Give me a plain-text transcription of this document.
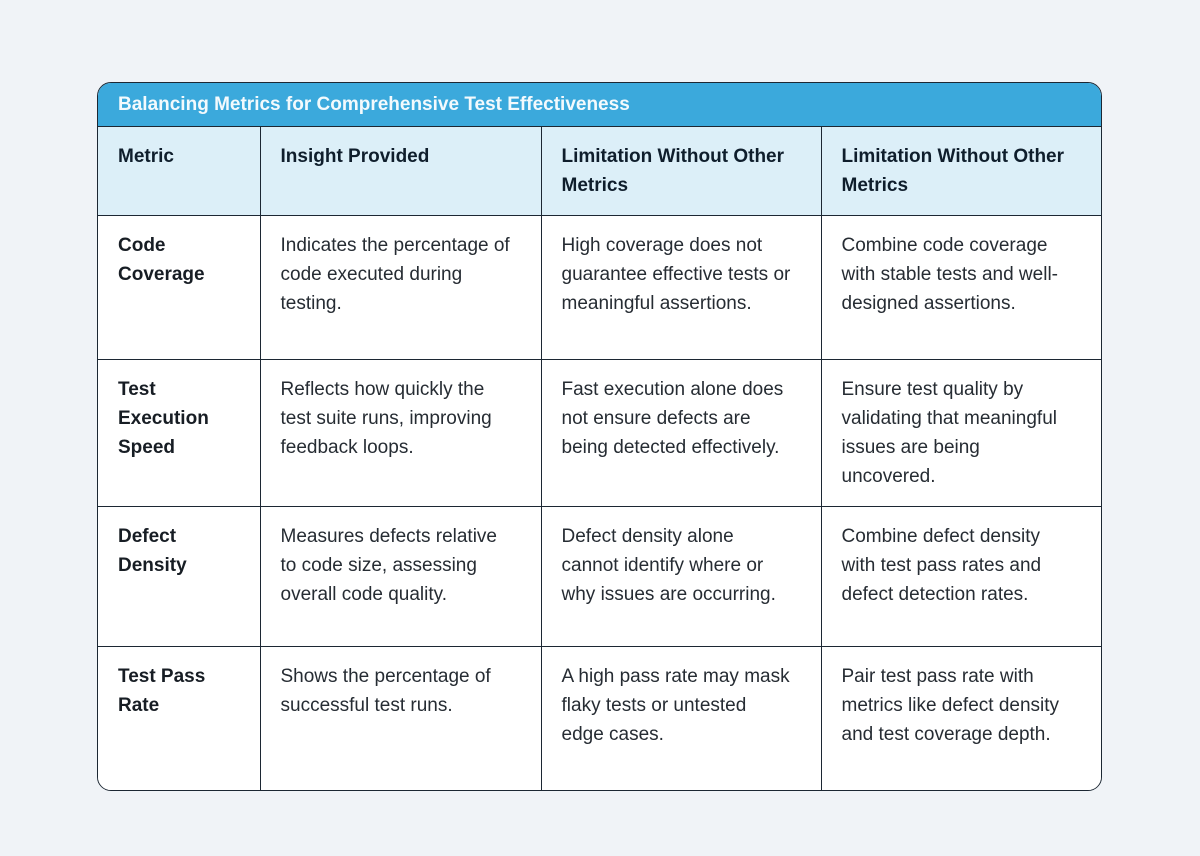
Balancing Metrics for Comprehensive Test Effectiveness
Metric	Insight Provided	Limitation Without Other Metrics	Limitation Without Other Metrics
Code Coverage	Indicates the percentage of code executed during testing.	High coverage does not guarantee effective tests or meaningful assertions.	Combine code coverage with stable tests and well-designed assertions.
Test Execution Speed	Reflects how quickly the test suite runs, improving feedback loops.	Fast execution alone does not ensure defects are being detected effectively.	Ensure test quality by validating that meaningful issues are being uncovered.
Defect Density	Measures defects relative to code size, assessing overall code quality.	Defect density alone cannot identify where or why issues are occurring.	Combine defect density with test pass rates and defect detection rates.
Test Pass Rate	Shows the percentage of successful test runs.	A high pass rate may mask flaky tests or untested edge cases.	Pair test pass rate with metrics like defect density and test coverage depth.
